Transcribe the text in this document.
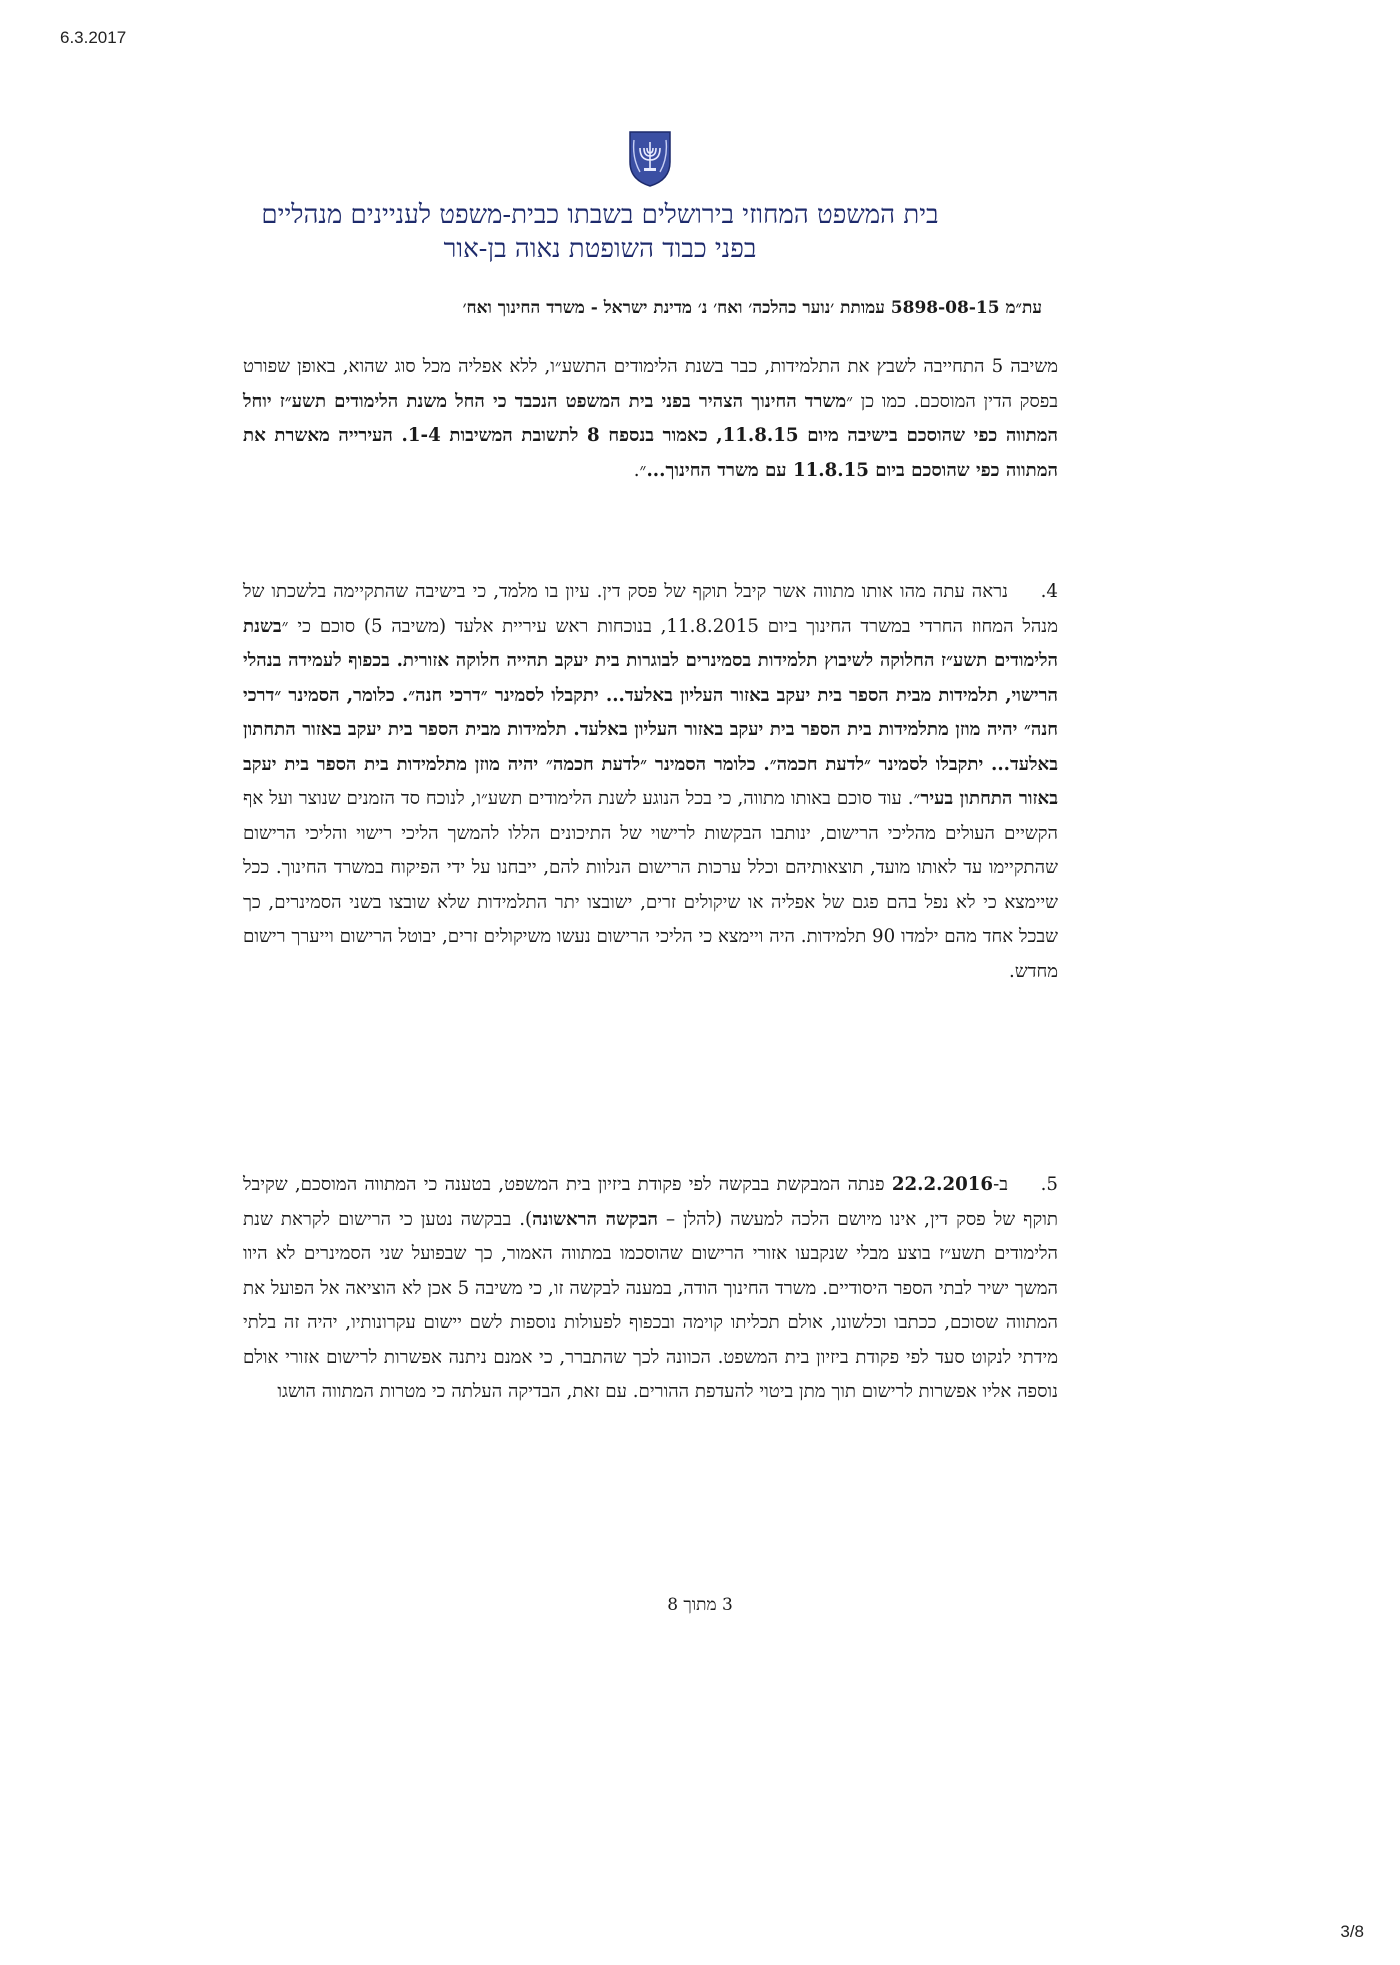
6.3.2017
בית המשפט המחוזי בירושלים בשבתו כבית-משפט לעניינים מנהליים
בפני כבוד השופטת נאוה בן-אור
עת״מ 5898-08-15 עמותת ׳נוער כהלכה׳ ואח׳ נ׳ מדינת ישראל - משרד החינוך ואח׳
משיבה 5 התחייבה לשבץ את התלמידות, כבר בשנת הלימודים התשע״ו, ללא אפליה מכל סוג שהוא, באופן שפורט בפסק הדין המוסכם. כמו כן ״משרד החינוך הצהיר בפני בית המשפט הנכבד כי החל משנת הלימודים תשע״ז יוחל המתווה כפי שהוסכם בישיבה מיום 11.8.15, כאמור בנספח 8 לתשובת המשיבות 1-4. העירייה מאשרת את המתווה כפי שהוסכם ביום 11.8.15 עם משרד החינוך...״.
4.נראה עתה מהו אותו מתווה אשר קיבל תוקף של פסק דין. עיון בו מלמד, כי בישיבה שהתקיימה בלשכתו של מנהל המחוז החרדי במשרד החינוך ביום 11.8.2015, בנוכחות ראש עיריית אלעד (משיבה 5) סוכם כי ״בשנת הלימודים תשע״ז החלוקה לשיבוץ תלמידות בסמינרים לבוגרות בית יעקב תהייה חלוקה אזורית. בכפוף לעמידה בנהלי הרישוי, תלמידות מבית הספר בית יעקב באזור העליון באלעד... יתקבלו לסמינר ״דרכי חנה״. כלומר, הסמינר ״דרכי חנה״ יהיה מוזן מתלמידות בית הספר בית יעקב באזור העליון באלעד. תלמידות מבית הספר בית יעקב באזור התחתון באלעד... יתקבלו לסמינר ״לדעת חכמה״. כלומר הסמינר ״לדעת חכמה״ יהיה מוזן מתלמידות בית הספר בית יעקב באזור התחתון בעיר״. עוד סוכם באותו מתווה, כי בכל הנוגע לשנת הלימודים תשע״ו, לנוכח סד הזמנים שנוצר ועל אף הקשיים העולים מהליכי הרישום, ינותבו הבקשות לרישוי של התיכונים הללו להמשך הליכי רישוי והליכי הרישום שהתקיימו עד לאותו מועד, תוצאותיהם וכלל ערכות הרישום הנלוות להם, ייבחנו על ידי הפיקוח במשרד החינוך. ככל שיימצא כי לא נפל בהם פגם של אפליה או שיקולים זרים, ישובצו יתר התלמידות שלא שובצו בשני הסמינרים, כך שבכל אחד מהם ילמדו 90 תלמידות. היה ויימצא כי הליכי הרישום נעשו משיקולים זרים, יבוטל הרישום וייערך רישום מחדש.
5.ב-22.2.2016 פנתה המבקשת בבקשה לפי פקודת ביזיון בית המשפט, בטענה כי המתווה המוסכם, שקיבל תוקף של פסק דין, אינו מיושם הלכה למעשה (להלן – הבקשה הראשונה). בבקשה נטען כי הרישום לקראת שנת הלימודים תשע״ז בוצע מבלי שנקבעו אזורי הרישום שהוסכמו במתווה האמור, כך שבפועל שני הסמינרים לא היוו המשך ישיר לבתי הספר היסודיים. משרד החינוך הודה, במענה לבקשה זו, כי משיבה 5 אכן לא הוציאה אל הפועל את המתווה שסוכם, ככתבו וכלשונו, אולם תכליתו קוימה ובכפוף לפעולות נוספות לשם יישום עקרונותיו, יהיה זה בלתי מידתי לנקוט סעד לפי פקודת ביזיון בית המשפט. הכוונה לכך שהתברר, כי אמנם ניתנה אפשרות לרישום אזורי אולם נוספה אליו אפשרות לרישום תוך מתן ביטוי להעדפת ההורים. עם זאת, הבדיקה העלתה כי מטרות המתווה הושגו
3 מתוך 8
3/8
